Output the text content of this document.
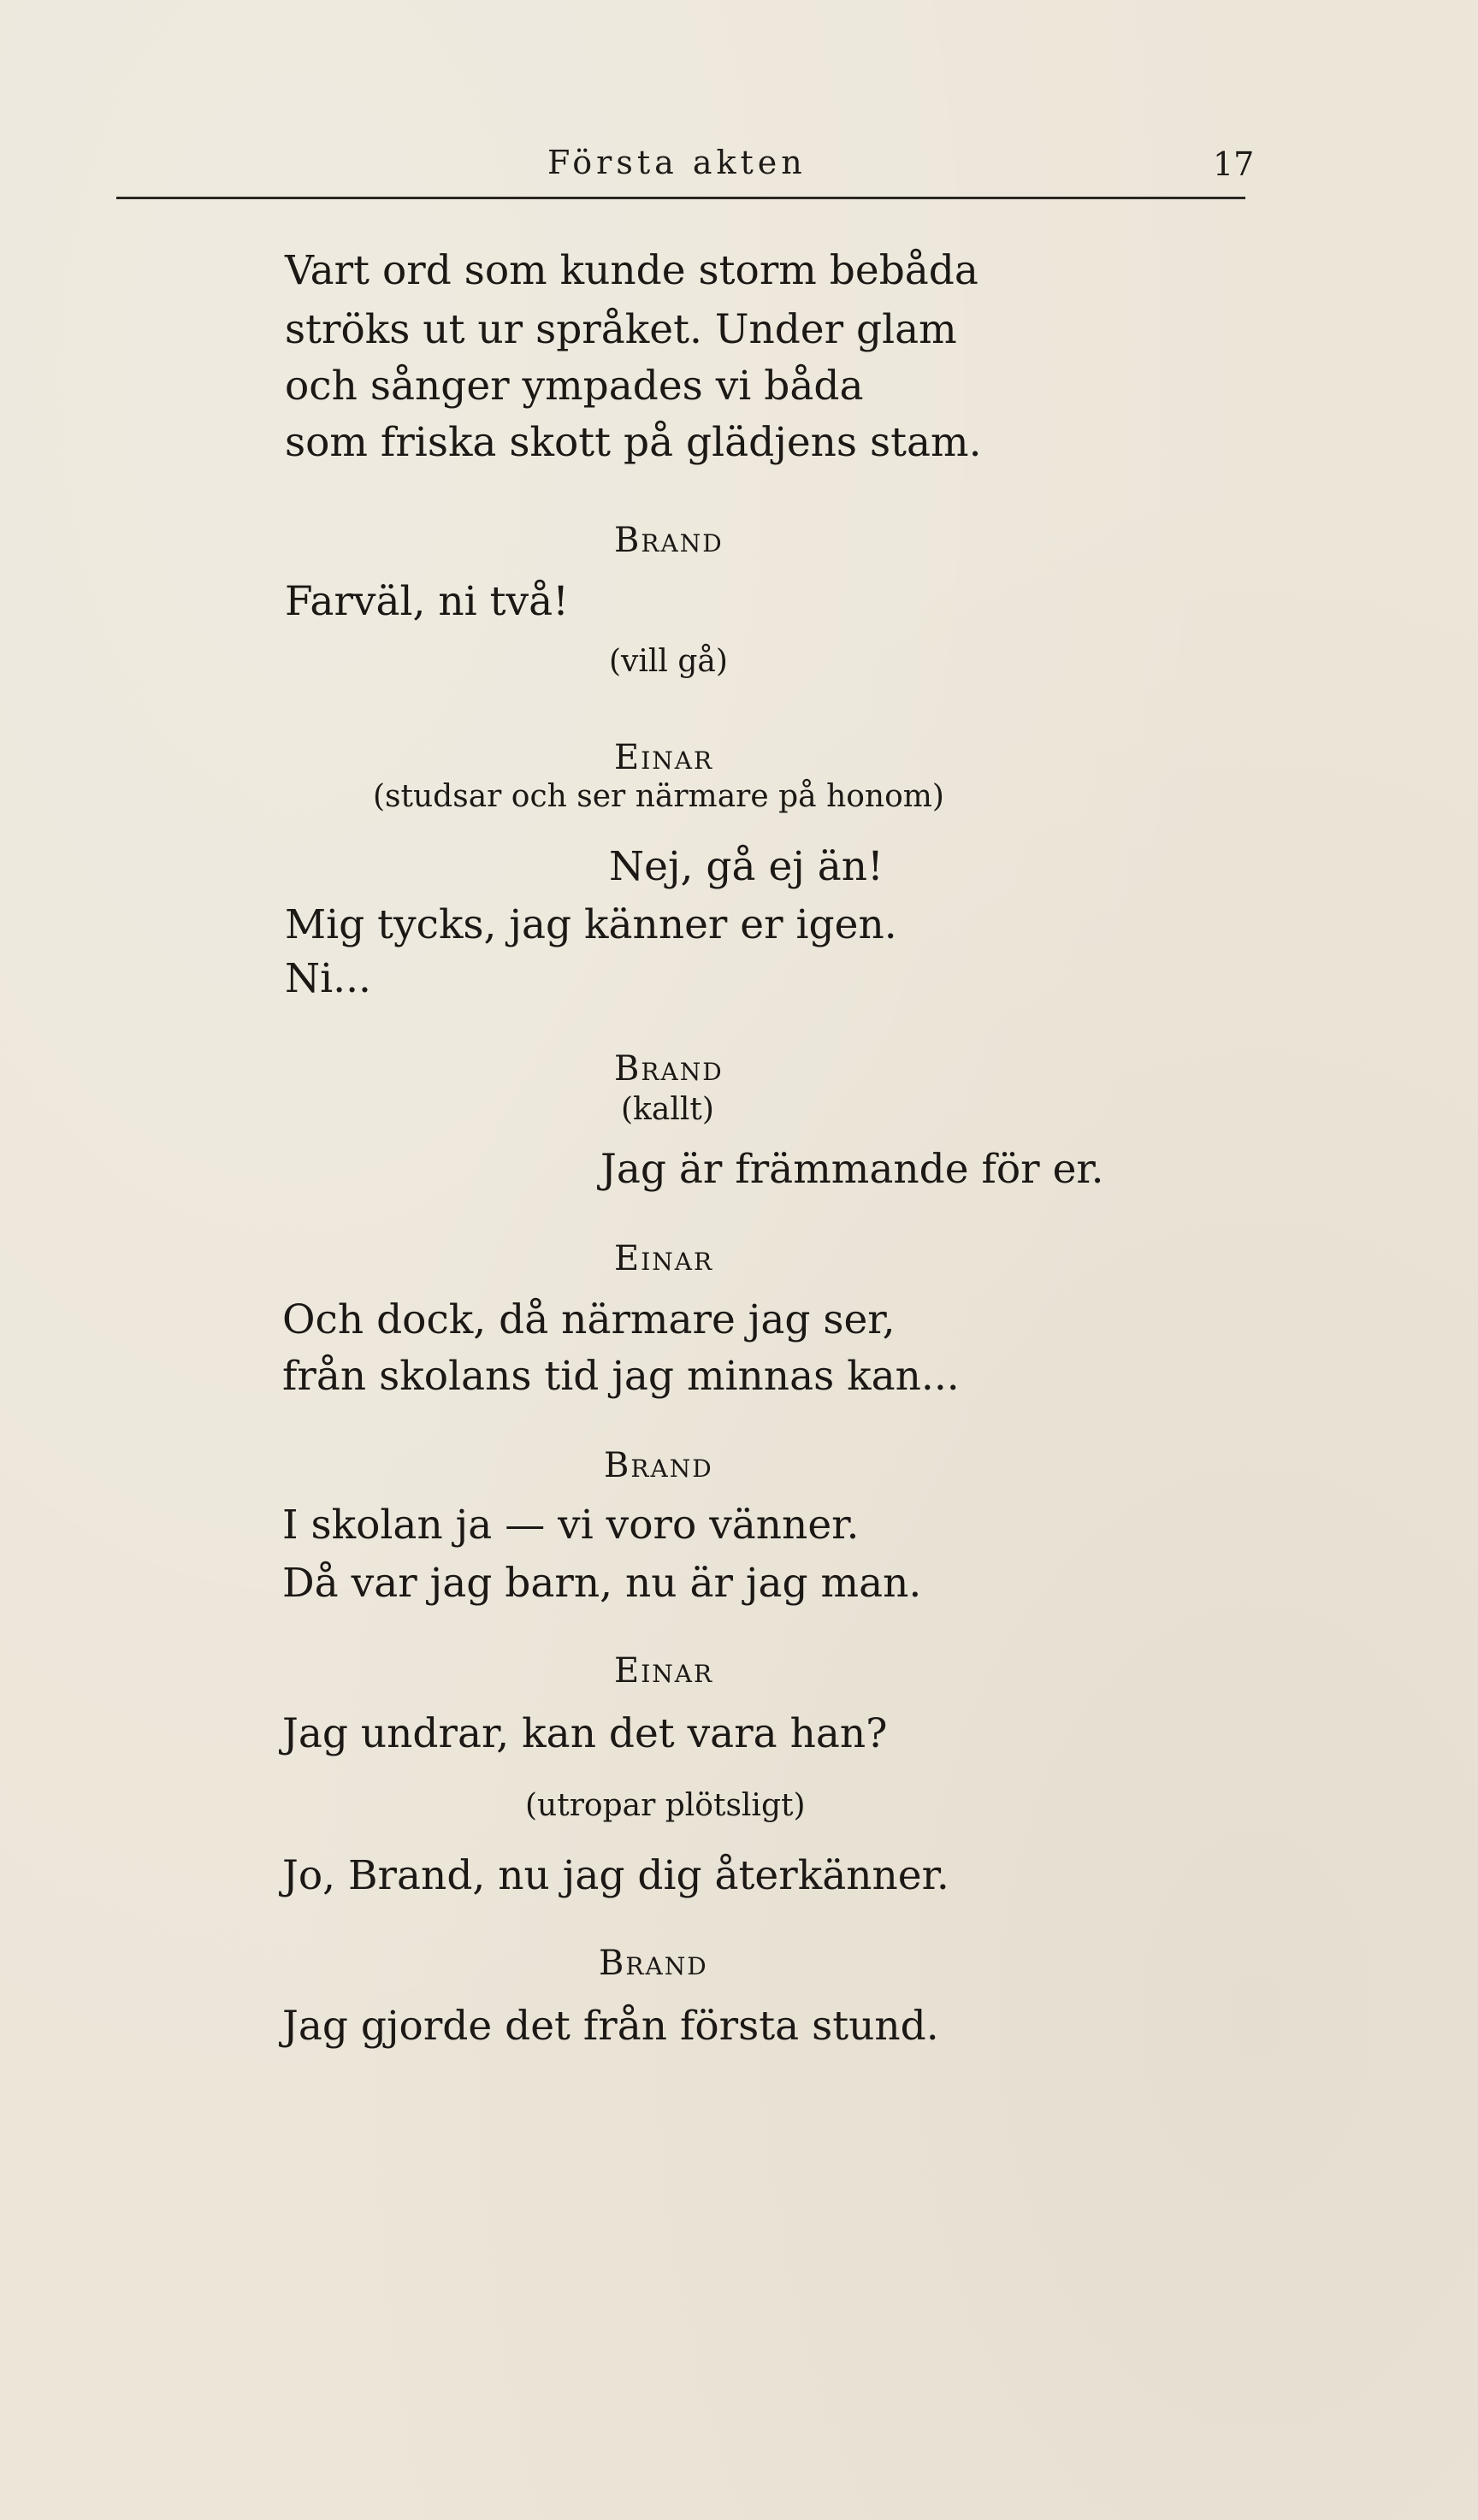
Första akten	17
Vart ord som kunde storm bebåda
ströks ut ur språket. Under glam
och sånger ympades vi båda
som friska skott på glädjens stam.
Brand
Farväl, ni två!
(vill gå)
Einar
(studsar och ser närmare på honom)
Nej, gå ej än!
Mig tycks, jag känner er igen.
Ni...
Brand
(kallt)
Jag är främmande för er.
Einar
Och dock, då närmare jag ser,
från skolans tid jag minnas kan...
Brand
I skolan ja — vi voro vänner.
Då var jag barn, nu är jag man.
Einar
Jag undrar, kan det vara han?
(utropar plötsligt)
Jo, Brand, nu jag dig återkänner.
Brand
Jag gjorde det från första stund.
